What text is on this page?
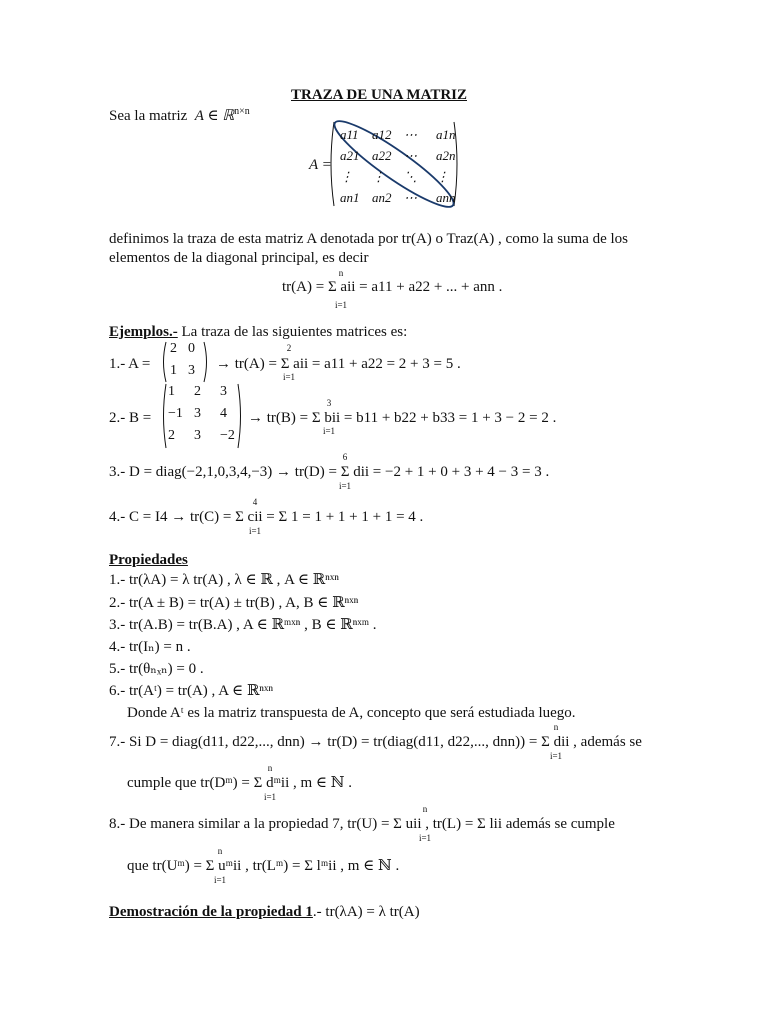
TRAZA DE UNA MATRIZ
Sea la matriz A ∈ ℝ$^{n\times n}$
A =
a11 a12 ⋯ a1n
a21 a22 ⋯ a2n
⋮ ⋮ ⋱ ⋮
an1 an2 ⋯ ann
definimos la traza de esta matriz A denotada por tr(A) o Traz(A) , como la suma de los
elementos de la diagonal principal, es decir
n
tr(A) = Σ aii = a11 + a22 + ... + ann .
i=1
Ejemplos.- La traza de las siguientes matrices es:
1.- A =
2 0
1 3
2
→ tr(A) = Σ aii = a11 + a22 = 2 + 3 = 5 .
i=1
2.- B =
1 2 3
−1 3 4
2 3 −2
3
→ tr(B) = Σ bii = b11 + b22 + b33 = 1 + 3 − 2 = 2 .
i=1
6
3.- D = diag(−2,1,0,3,4,−3) → tr(D) = Σ dii = −2 + 1 + 0 + 3 + 4 − 3 = 3 .
i=1
4
4.- C = I4 → tr(C) = Σ cii = Σ 1 = 1 + 1 + 1 + 1 = 4 .
i=1
Propiedades
1.- tr(λA) = λ tr(A) , λ ∈ ℝ , A ∈ ℝⁿˣⁿ
2.- tr(A ± B) = tr(A) ± tr(B) , A, B ∈ ℝⁿˣⁿ
3.- tr(A.B) = tr(B.A) , A ∈ ℝᵐˣⁿ , B ∈ ℝⁿˣᵐ .
4.- tr(Iₙ) = n .
5.- tr(θₙₓₙ) = 0 .
6.- tr(Aᵗ) = tr(A) , A ∈ ℝⁿˣⁿ
Donde Aᵗ es la matriz transpuesta de A, concepto que será estudiada luego.
n
7.- Si D = diag(d11, d22,..., dnn) → tr(D) = tr(diag(d11, d22,..., dnn)) = Σ dii , además se
i=1
n
cumple que tr(Dᵐ) = Σ dᵐii , m ∈ ℕ .
i=1
n
8.- De manera similar a la propiedad 7, tr(U) = Σ uii , tr(L) = Σ lii además se cumple
i=1
n
que tr(Uᵐ) = Σ uᵐii , tr(Lᵐ) = Σ lᵐii , m ∈ ℕ .
i=1
Demostración de la propiedad 1.- tr(λA) = λ tr(A)
